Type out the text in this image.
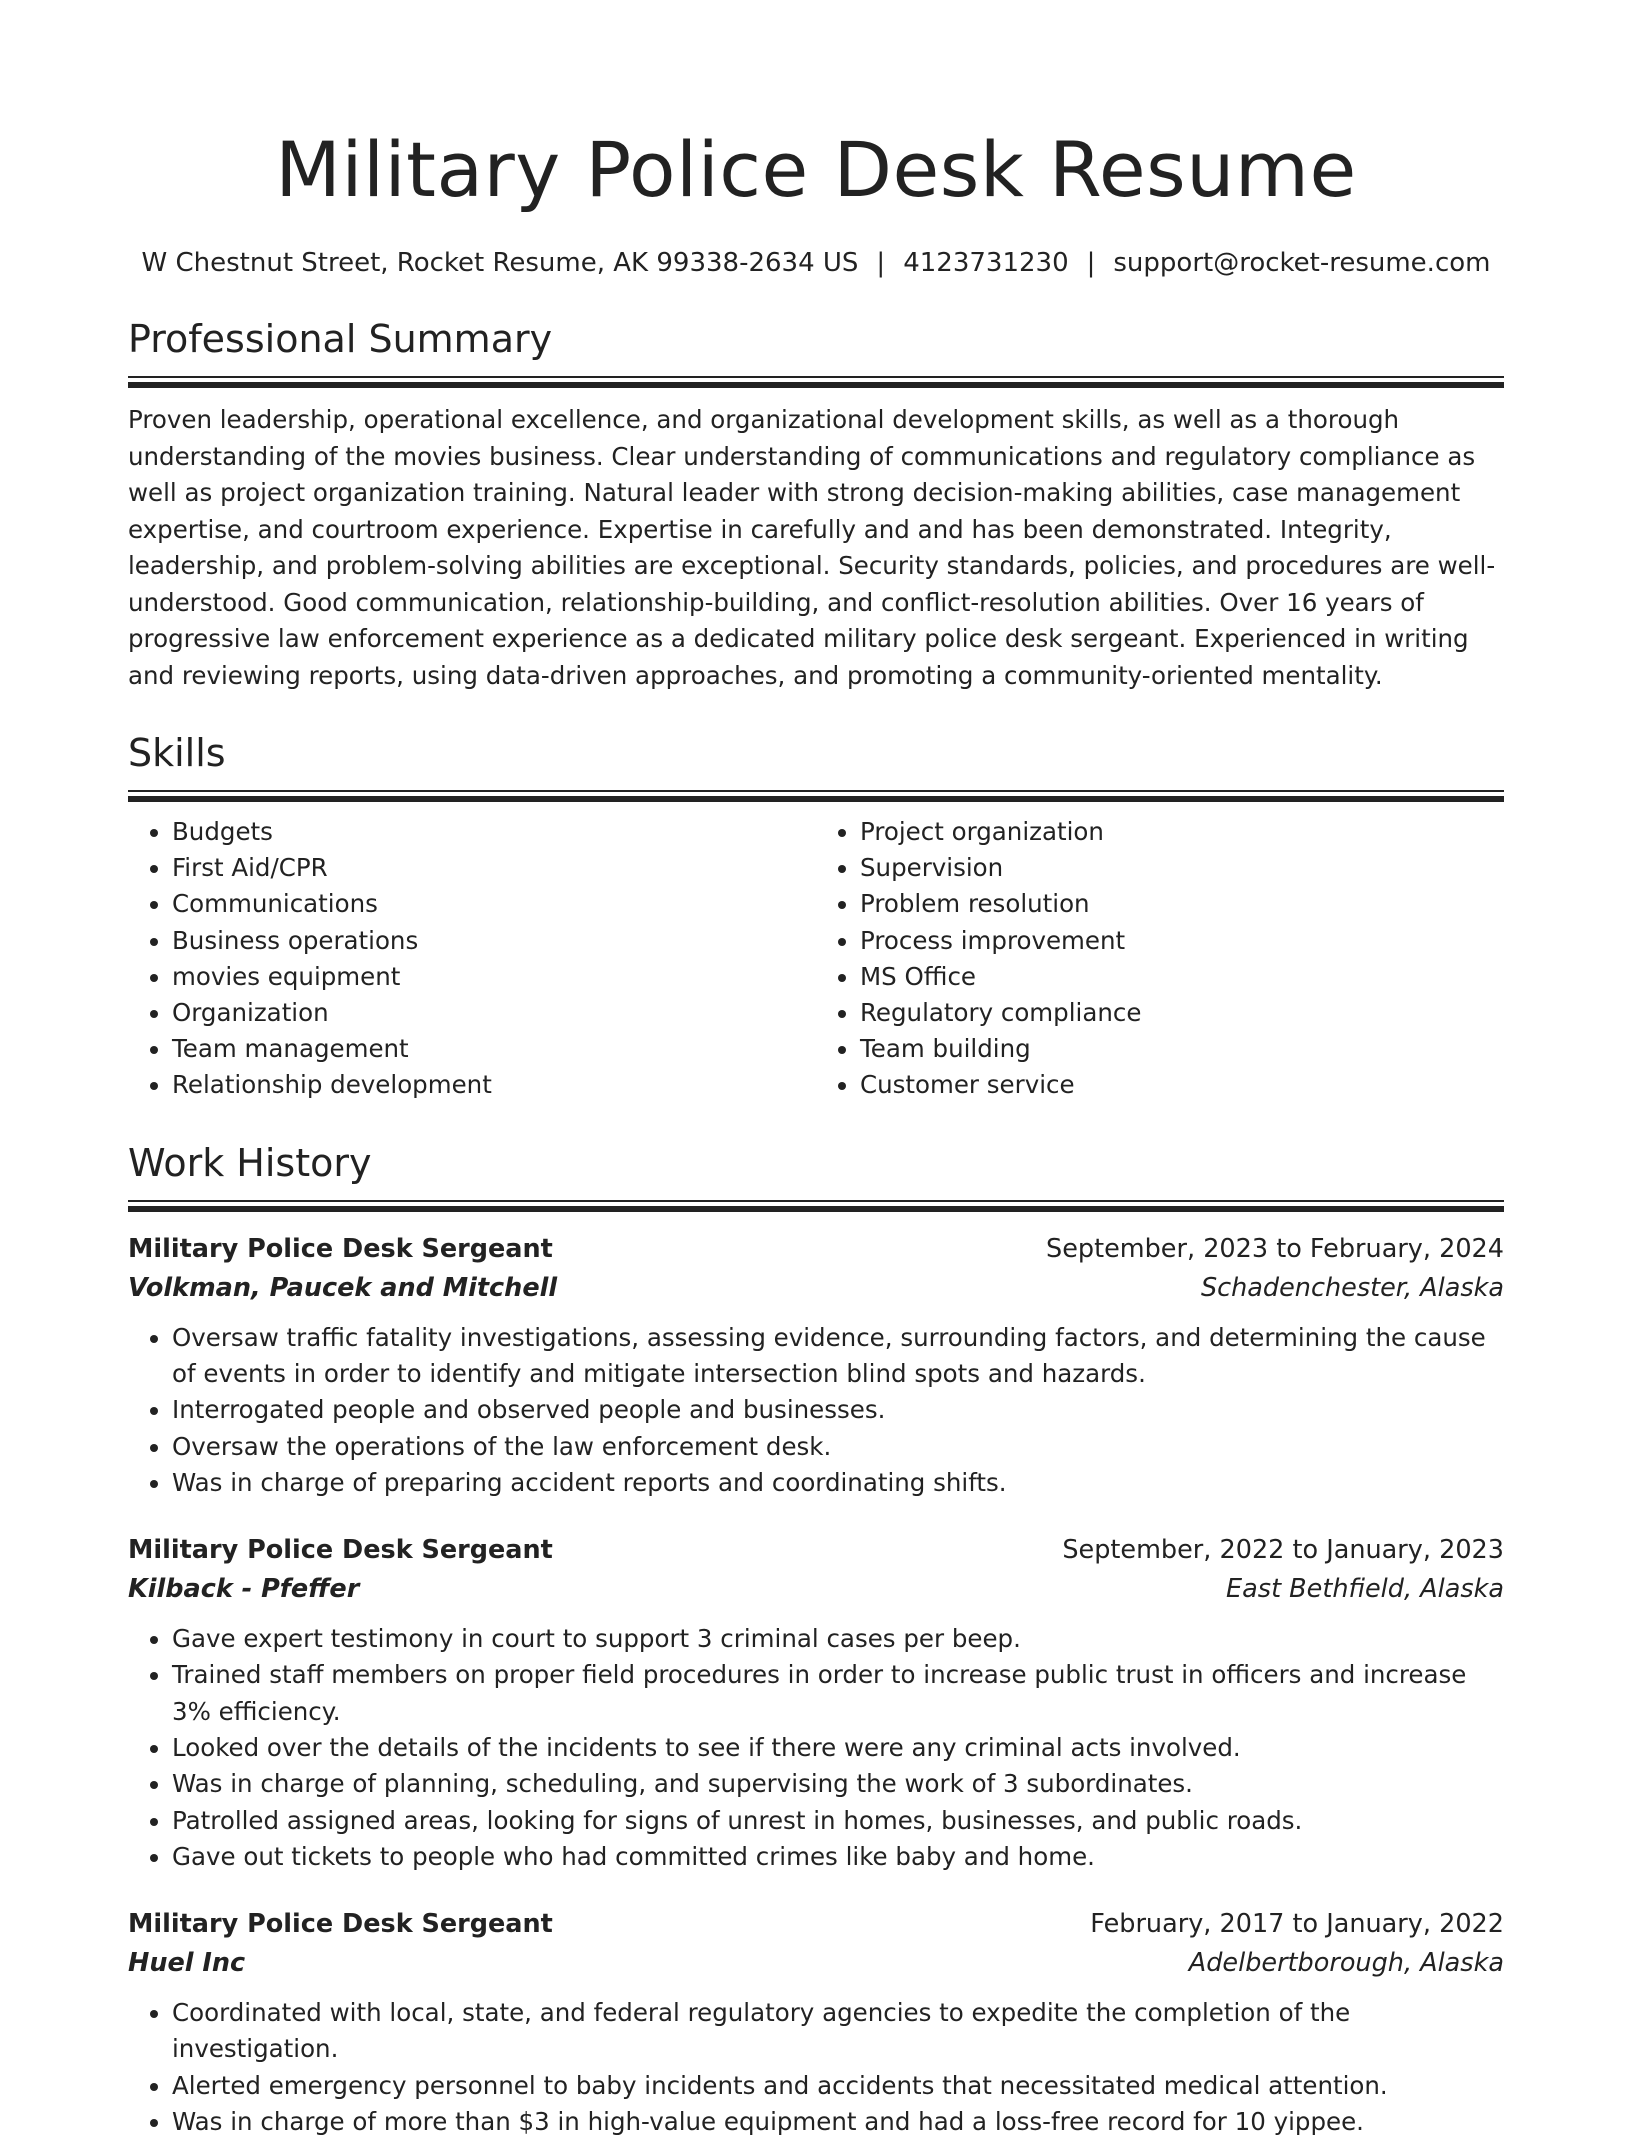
Military Police Desk Resume
W Chestnut Street, Rocket Resume, AK 99338-2634 US | 4123731230 | support@rocket-resume.com
Professional Summary

Proven leadership, operational excellence, and organizational development skills, as well as a thorough understanding of the movies business. Clear understanding of communications and regulatory compliance as well as project organization training. Natural leader with strong decision-making abilities, case management expertise, and courtroom experience. Expertise in carefully and and has been demonstrated. Integrity, leadership, and problem-solving abilities are exceptional. Security standards, policies, and procedures are well-understood. Good communication, relationship-building, and conflict-resolution abilities. Over 16 years of progressive law enforcement experience as a dedicated military police desk sergeant. Experienced in writing and reviewing reports, using data-driven approaches, and promoting a community-oriented mentality.

Skills
• Budgets
• First Aid/CPR
• Communications
• Business operations
• movies equipment
• Organization
• Team management
• Relationship development
• Project organization
• Supervision
• Problem resolution
• Process improvement
• MS Office
• Regulatory compliance
• Team building
• Customer service
Work History
Military Police Desk Sergeant	September, 2023 to February, 2024
Volkman, Paucek and Mitchell	Schadenchester, Alaska
• Oversaw traffic fatality investigations, assessing evidence, surrounding factors, and determining the cause of events in order to identify and mitigate intersection blind spots and hazards.
• Interrogated people and observed people and businesses.
• Oversaw the operations of the law enforcement desk.
• Was in charge of preparing accident reports and coordinating shifts.
Military Police Desk Sergeant	September, 2022 to January, 2023
Kilback - Pfeffer	East Bethfield, Alaska
• Gave expert testimony in court to support 3 criminal cases per beep.
• Trained staff members on proper field procedures in order to increase public trust in officers and increase 3% efficiency.
• Looked over the details of the incidents to see if there were any criminal acts involved.
• Was in charge of planning, scheduling, and supervising the work of 3 subordinates.
• Patrolled assigned areas, looking for signs of unrest in homes, businesses, and public roads.
• Gave out tickets to people who had committed crimes like baby and home.
Military Police Desk Sergeant	February, 2017 to January, 2022
Huel Inc	Adelbertborough, Alaska
• Coordinated with local, state, and federal regulatory agencies to expedite the completion of the investigation.
• Alerted emergency personnel to baby incidents and accidents that necessitated medical attention.
• Was in charge of more than $3 in high-value equipment and had a loss-free record for 10 yippee.
